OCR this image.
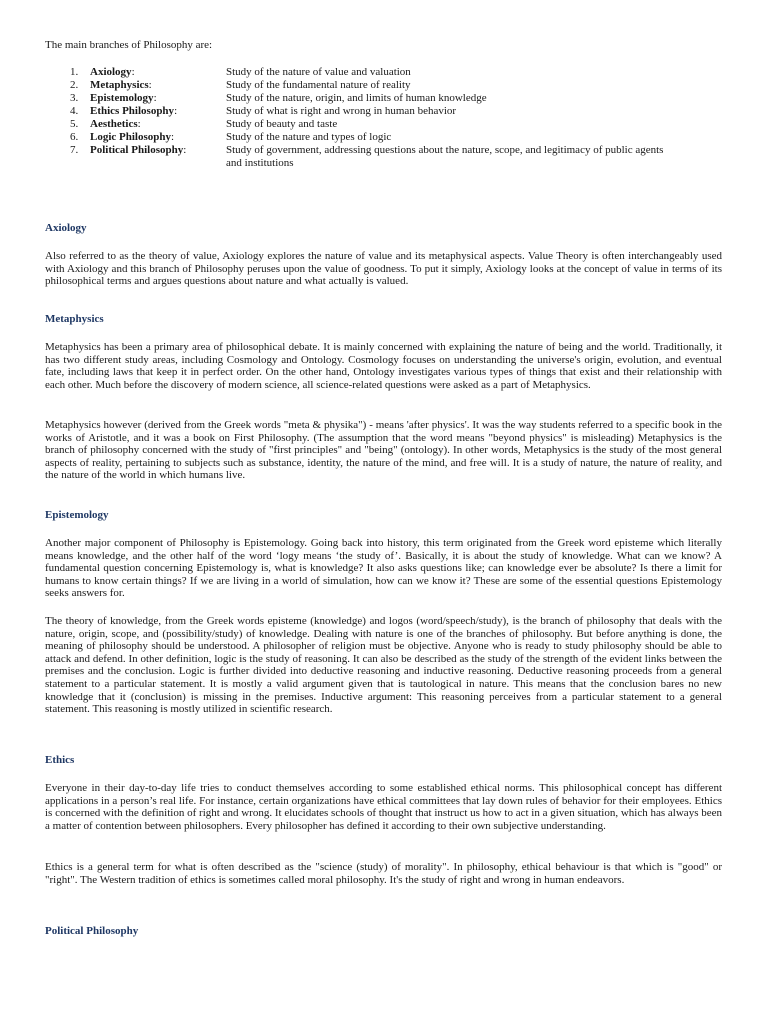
The main branches of Philosophy are:
1.	Axiology:	Study of the nature of value and valuation
2.	Metaphysics:	Study of the fundamental nature of reality
3.	Epistemology:	Study of the nature, origin, and limits of human knowledge
4.	Ethics Philosophy:	Study of what is right and wrong in human behavior
5.	Aesthetics:	Study of beauty and taste
6.	Logic Philosophy:	Study of the nature and types of logic
7.	Political Philosophy:	Study of government, addressing questions about the nature, scope, and legitimacy of public agents and institutions
Axiology

Also referred to as the theory of value, Axiology explores the nature of value and its metaphysical aspects. Value Theory is often interchangeably used with Axiology and this branch of Philosophy peruses upon the value of goodness. To put it simply, Axiology looks at the concept of value in terms of its philosophical terms and argues questions about nature and what actually is valued.

Metaphysics

Metaphysics has been a primary area of philosophical debate. It is mainly concerned with explaining the nature of being and the world. Traditionally, it has two different study areas, including Cosmology and Ontology. Cosmology focuses on understanding the universe's origin, evolution, and eventual fate, including laws that keep it in perfect order. On the other hand, Ontology investigates various types of things that exist and their relationship with each other. Much before the discovery of modern science, all science-related questions were asked as a part of Metaphysics.

Metaphysics however (derived from the Greek words "meta & physika") - means 'after physics'. It was the way students referred to a specific book in the works of Aristotle, and it was a book on First Philosophy. (The assumption that the word means "beyond physics" is misleading) Metaphysics is the branch of philosophy concerned with the study of "first principles" and "being" (ontology). In other words, Metaphysics is the study of the most general aspects of reality, pertaining to subjects such as substance, identity, the nature of the mind, and free will. It is a study of nature, the nature of reality, and the nature of the world in which humans live.

Epistemology

Another major component of Philosophy is Epistemology. Going back into history, this term originated from the Greek word episteme which literally means knowledge, and the other half of the word ‘logy means ‘the study of’. Basically, it is about the study of knowledge. What can we know? A fundamental question concerning Epistemology is, what is knowledge? It also asks questions like; can knowledge ever be absolute? Is there a limit for humans to know certain things? If we are living in a world of simulation, how can we know it? These are some of the essential questions Epistemology seeks answers for.

The theory of knowledge, from the Greek words episteme (knowledge) and logos (word/speech/study), is the branch of philosophy that deals with the nature, origin, scope, and (possibility/study) of knowledge. Dealing with nature is one of the branches of philosophy. But before anything is done, the meaning of philosophy should be understood. A philosopher of religion must be objective. Anyone who is ready to study philosophy should be able to attack and defend. In other definition, logic is the study of reasoning. It can also be described as the study of the strength of the evident links between the premises and the conclusion. Logic is further divided into deductive reasoning and inductive reasoning. Deductive reasoning proceeds from a general statement to a particular statement. It is mostly a valid argument given that is tautological in nature. This means that the conclusion bares no new knowledge that it (conclusion) is missing in the premises. Inductive argument: This reasoning perceives from a particular statement to a general statement. This reasoning is mostly utilized in scientific research.

Ethics

Everyone in their day-to-day life tries to conduct themselves according to some established ethical norms. This philosophical concept has different applications in a person’s real life. For instance, certain organizations have ethical committees that lay down rules of behavior for their employees. Ethics is concerned with the definition of right and wrong. It elucidates schools of thought that instruct us how to act in a given situation, which has always been a matter of contention between philosophers. Every philosopher has defined it according to their own subjective understanding.

Ethics is a general term for what is often described as the "science (study) of morality". In philosophy, ethical behaviour is that which is "good" or "right". The Western tradition of ethics is sometimes called moral philosophy. It's the study of right and wrong in human endeavors.

Political Philosophy
